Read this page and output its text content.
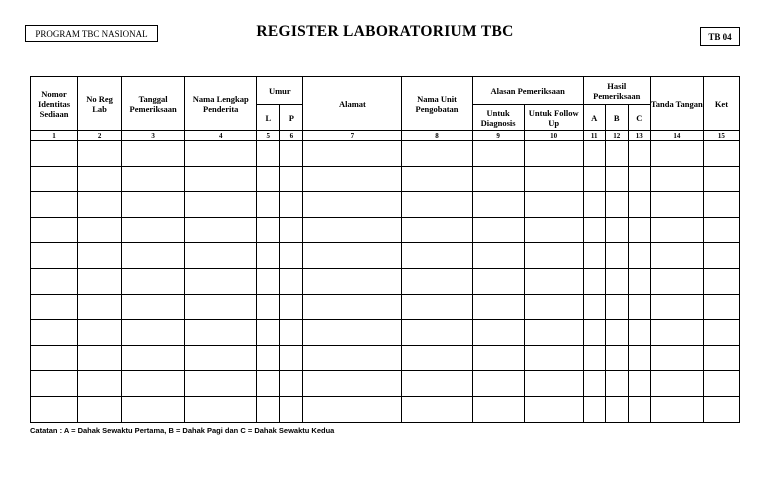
PROGRAM TBC NASIONAL	REGISTER LABORATORIUM TBC	TB 04
Nomor Identitas Sediaan	No Reg Lab	Tanggal Pemeriksaan	Nama Lengkap Penderita	Umur		Alamat	Nama Unit Pengobatan	Alasan Pemeriksaan		Hasil Pemeriksaan			Tanda Tangan	Ket
				L	P			Untuk Diagnosis	Untuk Follow Up	A	B	C		
1	2	3	4	5	6	7	8	9	10	11	12	13	14	15

Catatan : A = Dahak Sewaktu Pertama, B = Dahak Pagi dan C = Dahak Sewaktu Kedua
